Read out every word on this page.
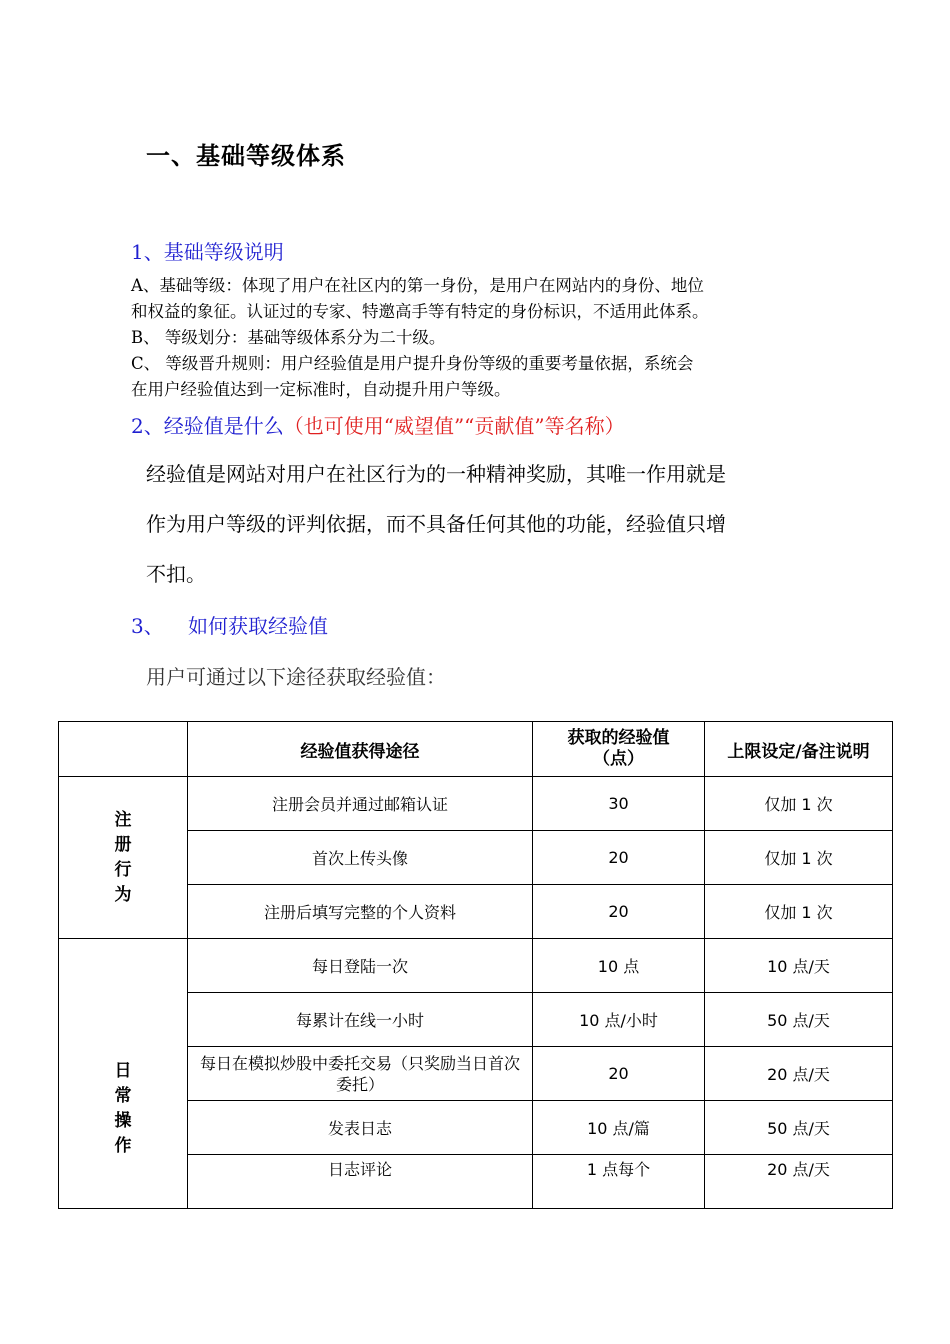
一、基础等级体系
1、基础等级说明
A、基础等级：体现了用户在社区内的第一身份，是用户在网站内的身份、地位
和权益的象征。认证过的专家、特邀高手等有特定的身份标识，不适用此体系。
B、 等级划分：基础等级体系分为二十级。
C、 等级晋升规则：用户经验值是用户提升身份等级的重要考量依据，系统会
在用户经验值达到一定标准时，自动提升用户等级。
2、经验值是什么（也可使用“威望值”“贡献值”等名称）
经验值是网站对用户在社区行为的一种精神奖励，其唯一作用就是
作为用户等级的评判依据，而不具备任何其他的功能，经验值只增
不扣。
3、 如何获取经验值
用户可通过以下途径获取经验值：
	经验值获得途径	获取的经验值
（点）	上限设定/备注说明

注
册
行
为	注册会员并通过邮箱认证	30	仅加 1 次
	首次上传头像	20	仅加 1 次
	注册后填写完整的个人资料	20	仅加 1 次

日
常
操
作	每日登陆一次	10 点	10 点/天
	每累计在线一小时	10 点/小时	50 点/天
	每日在模拟炒股中委托交易（只奖励当日首次委托）	20	20 点/天
	发表日志	10 点/篇	50 点/天
	日志评论	1 点每个	20 点/天
